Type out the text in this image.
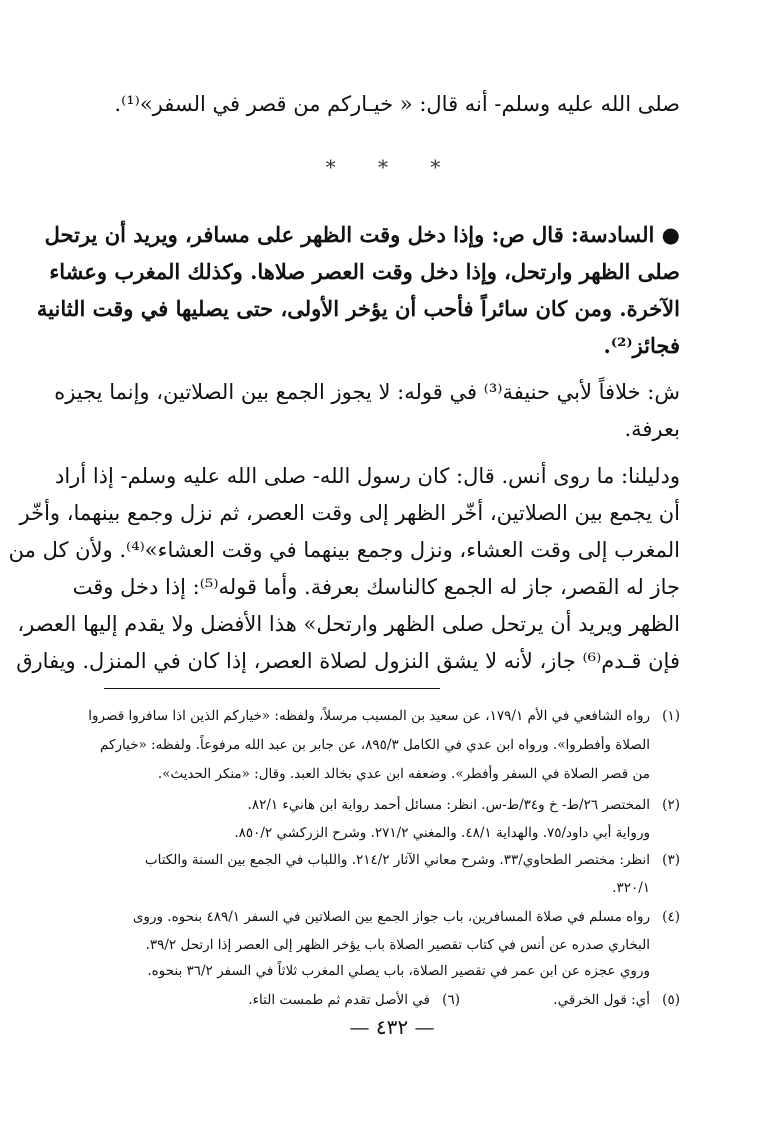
صلى الله عليه وسلم- أنه قال: « خيـاركم من قصر في السفر»⁽¹⁾.
* * *
● السادسة: قال ص: وإذا دخل وقت الظهر على مسافر، ويريد أن يرتحل
صلى الظهر وارتحل، وإذا دخل وقت العصر صلاها. وكذلك المغرب وعشاء
الآخرة. ومن كان سائراً فأحب أن يؤخر الأولى، حتى يصليها في وقت الثانية
فجائز⁽²⁾.
ش: خلافاً لأبي حنيفة⁽³⁾ في قوله: لا يجوز الجمع بين الصلاتين، وإنما يجيزه
بعرفة.
ودليلنا: ما روى أنس. قال: كان رسول الله- صلى الله عليه وسلم- إذا أراد
أن يجمع بين الصلاتين، أخّر الظهر إلى وقت العصر، ثم نزل وجمع بينهما، وأخّر
المغرب إلى وقت العشاء، ونزل وجمع بينهما في وقت العشاء»⁽⁴⁾. ولأن كل من
جاز له القصر، جاز له الجمع كالناسك بعرفة. وأما قوله⁽⁵⁾: إذا دخل وقت
الظهر ويريد أن يرتحل صلى الظهر وارتحل» هذا الأفضل ولا يقدم إليها العصر،
فإن قـدم⁽⁶⁾ جاز، لأنه لا يشق النزول لصلاة العصر، إذا كان في المنزل. ويفارق
(١)رواه الشافعي في الأم ١٧٩/١، عن سعيد بن المسيب مرسلاً، ولفظه: «خياركم الذين اذا سافروا قصروا
الصلاة وأفطروا». ورواه ابن عدي في الكامل ٨٩٥/٣، عن جابر بن عبد الله مرفوعاً. ولفظه: «خياركم
من قصر الصلاة في السفر وأفطر». وضعفه ابن عدي بخالد العبد. وقال: «منكر الحديث».
(٢)المختصر ٢٦/ط- خ و٣٤/ط-س. انظر: مسائل أحمد رواية ابن هانيء ٨٢/١.
ورواية أبي داود/٧٥. والهداية ٤٨/١. والمغني ٢٧١/٢. وشرح الزركشي ٨٥٠/٢.
(٣)انظر: مختصر الطحاوي/٣٣. وشرح معاني الآثار ٢١٤/٢. واللباب في الجمع بين السنة والكتاب
٣٢٠/١.
(٤)رواه مسلم في صلاة المسافرين، باب جواز الجمع بين الصلاتين في السفر ٤٨٩/١ بنحوه. وروى
البخاري صدره عن أنس في كتاب تقصير الصلاة باب يؤخر الظهر إلى العصر إذا ارتحل ٣٩/٢.
وروي عجزه عن ابن عمر في تقصير الصلاة، باب يصلي المغرب ثلاثاً في السفر ٣٦/٢ بنحوه.
(٥)أي: قول الخرقي.(٦)في الأصل تقدم ثم طمست التاء.
— ٤٣٢ —
